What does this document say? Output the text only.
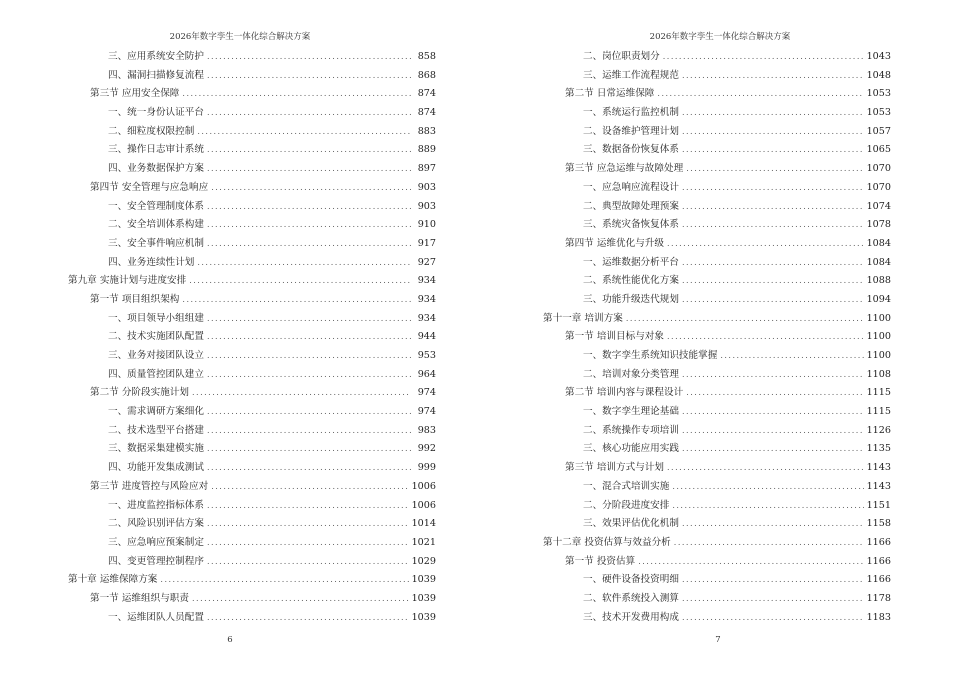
2026年数字孪生一体化综合解决方案
三、应用系统安全防护 .....	858
四、漏洞扫描修复流程 .....	868
第三节 应用安全保障 .....	874
一、统一身份认证平台 .....	874
二、细粒度权限控制 .....	883
三、操作日志审计系统 .....	889
四、业务数据保护方案 .....	897
第四节 安全管理与应急响应 .....	903
一、安全管理制度体系 .....	903
二、安全培训体系构建 .....	910
三、安全事件响应机制 .....	917
四、业务连续性计划 .....	927
第九章 实施计划与进度安排 .....	934
第一节 项目组织架构 .....	934
一、项目领导小组组建 .....	934
二、技术实施团队配置 .....	944
三、业务对接团队设立 .....	953
四、质量管控团队建立 .....	964
第二节 分阶段实施计划 .....	974
一、需求调研方案细化 .....	974
二、技术选型平台搭建 .....	983
三、数据采集建模实施 .....	992
四、功能开发集成测试 .....	999
第三节 进度管控与风险应对 .....	1006
一、进度监控指标体系 .....	1006
二、风险识别评估方案 .....	1014
三、应急响应预案制定 .....	1021
四、变更管理控制程序 .....	1029
第十章 运维保障方案 .....	1039
第一节 运维组织与职责 .....	1039
一、运维团队人员配置 .....	1039
6
2026年数字孪生一体化综合解决方案
二、岗位职责划分 .....	1043
三、运维工作流程规范 .....	1048
第二节 日常运维保障 .....	1053
一、系统运行监控机制 .....	1053
二、设备维护管理计划 .....	1057
三、数据备份恢复体系 .....	1065
第三节 应急运维与故障处理 .....	1070
一、应急响应流程设计 .....	1070
二、典型故障处理预案 .....	1074
三、系统灾备恢复体系 .....	1078
第四节 运维优化与升级 .....	1084
一、运维数据分析平台 .....	1084
二、系统性能优化方案 .....	1088
三、功能升级迭代规划 .....	1094
第十一章 培训方案 .....	1100
第一节 培训目标与对象 .....	1100
一、数字孪生系统知识技能掌握 .....	1100
二、培训对象分类管理 .....	1108
第二节 培训内容与课程设计 .....	1115
一、数字孪生理论基础 .....	1115
二、系统操作专项培训 .....	1126
三、核心功能应用实践 .....	1135
第三节 培训方式与计划 .....	1143
一、混合式培训实施 .....	1143
二、分阶段进度安排 .....	1151
三、效果评估优化机制 .....	1158
第十二章 投资估算与效益分析 .....	1166
第一节 投资估算 .....	1166
一、硬件设备投资明细 .....	1166
二、软件系统投入测算 .....	1178
三、技术开发费用构成 .....	1183
7
